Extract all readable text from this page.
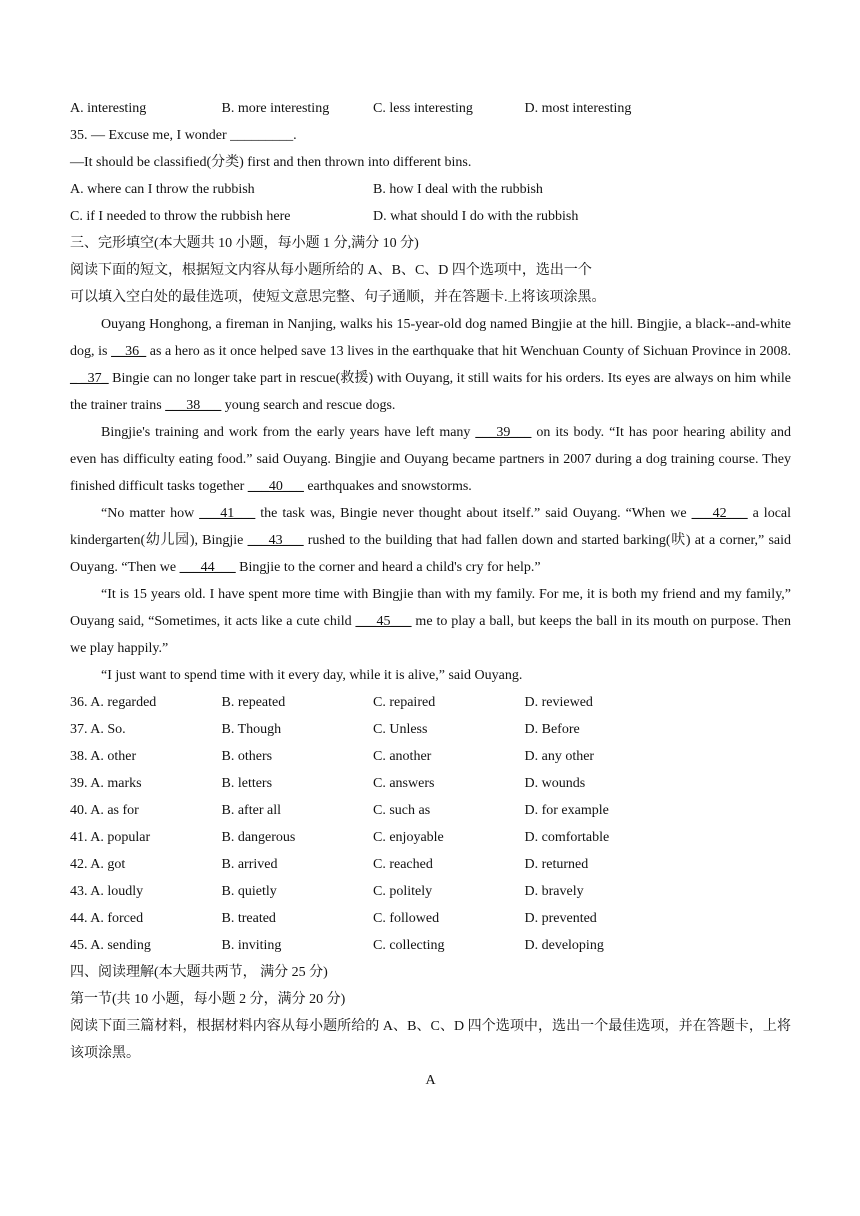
A. interesting	B. more interesting	C. less interesting	D. most interesting
35. — Excuse me, I wonder _________.
—It should be classified(分类) first and then thrown into different bins.
A. where can I throw the rubbish	B. how I deal with the rubbish
C. if I needed to throw the rubbish here	D. what should I do with the rubbish
三、完形填空(本大题共 10 小题，每小题 1 分,满分 10 分)
阅读下面的短文，根据短文内容从每小题所给的 A、B、C、D 四个选项中，选出一个
可以填入空白处的最佳选项，使短文意思完整、句子通顺，并在答题卡.上将该项涂黑。
Ouyang Honghong, a fireman in Nanjing, walks his 15-year-old dog named Bingjie at the hill. Bingjie, a black--and-white dog, is __36_ as a hero as it once helped save 13 lives in the earthquake that hit Wenchuan County of Sichuan Province in 2008. _ _37_ Bingie can no longer take part in rescue(救援) with Ouyang, it still waits for his orders. Its eyes are always on him while the trainer trains ___38___ young search and rescue dogs.
Bingjie's training and work from the early years have left many ___39___ on its body. “It has poor hearing ability and even has difficulty eating food.” said Ouyang. Bingjie and Ouyang became partners in 2007 during a dog training course. They finished difficult tasks together ___40___ earthquakes and snowstorms.
“No matter how ___41___ the task was, Bingie never thought about itself.” said Ouyang. “When we ___42___ a local kindergarten(幼儿园), Bingjie ___43___ rushed to the building that had fallen down and started barking(吠) at a corner,” said Ouyang. “Then we ___44___ Bingjie to the corner and heard a child's cry for help.”
“It is 15 years old. I have spent more time with Bingjie than with my family. For me, it is both my friend and my family,” Ouyang said, “Sometimes, it acts like a cute child ___45___ me to play a ball, but keeps the ball in its mouth on purpose. Then we play happily.”
“I just want to spend time with it every day, while it is alive,” said Ouyang.
36. A. regarded	B. repeated	C. repaired	D. reviewed
37. A. So.	B. Though	C. Unless	D. Before
38. A. other	B. others	C. another	D. any other
39. A. marks	B. letters	C. answers	D. wounds
40. A. as for	B. after all	C. such as	D. for example
41. A. popular	B. dangerous	C. enjoyable	D. comfortable
42. A. got	B. arrived	C. reached	D. returned
43. A. loudly	B. quietly	C. politely	D. bravely
44. A. forced	B. treated	C. followed	D. prevented
45. A. sending	B. inviting	C. collecting	D. developing
四、阅读理解(本大题共两节， 满分 25 分)
第一节(共 10 小题，每小题 2 分，满分 20 分)
阅读下面三篇材料，根据材料内容从每小题所给的 A、B、C、D 四个选项中，选出一个最佳选项，并在答题卡，上将该项涂黑。
A
